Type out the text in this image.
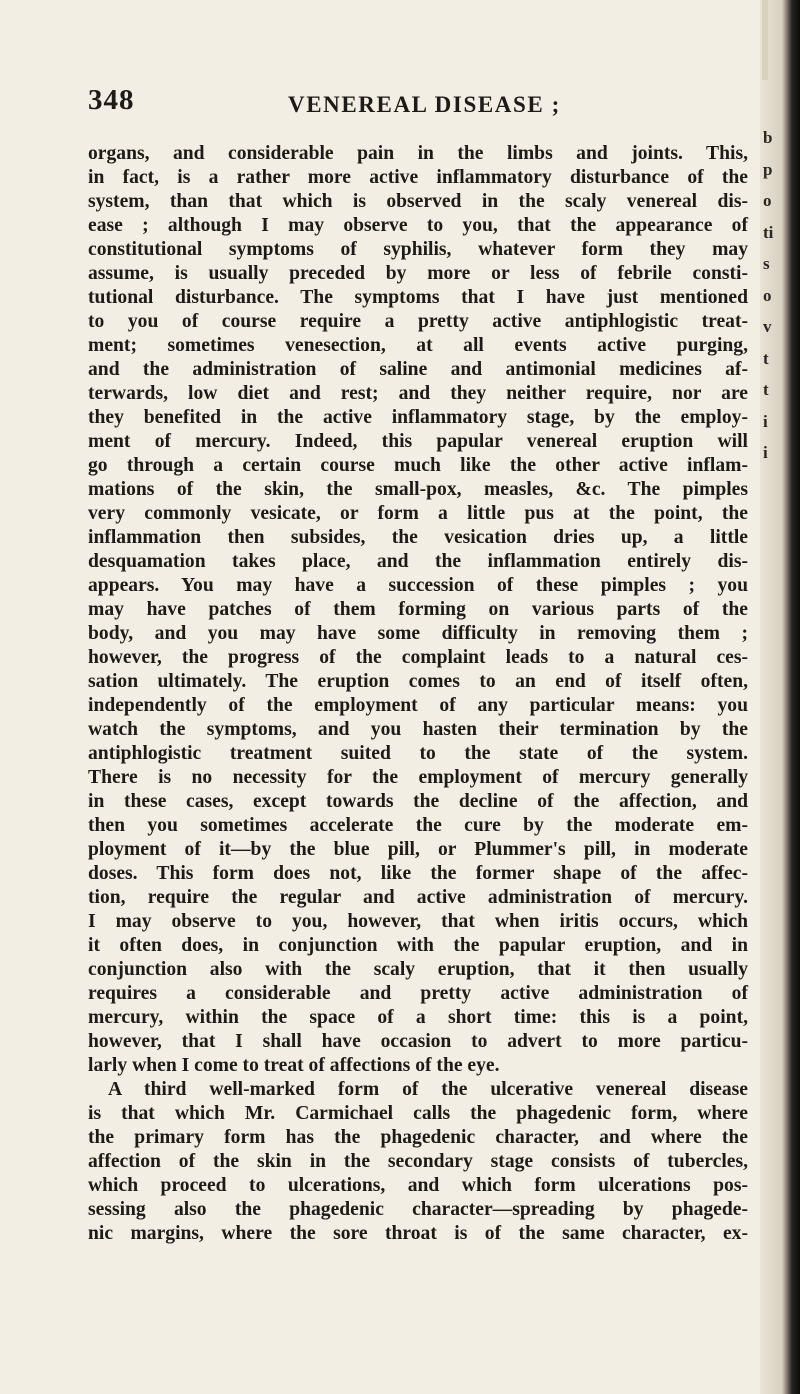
348	VENEREAL DISEASE ;
organs, and considerable pain in the limbs and joints. This,
in fact, is a rather more active inflammatory disturbance of the
system, than that which is observed in the scaly venereal dis-
ease ; although I may observe to you, that the appearance of
constitutional symptoms of syphilis, whatever form they may
assume, is usually preceded by more or less of febrile consti-
tutional disturbance. The symptoms that I have just mentioned
to you of course require a pretty active antiphlogistic treat-
ment; sometimes venesection, at all events active purging,
and the administration of saline and antimonial medicines af-
terwards, low diet and rest; and they neither require, nor are
they benefited in the active inflammatory stage, by the employ-
ment of mercury. Indeed, this papular venereal eruption will
go through a certain course much like the other active inflam-
mations of the skin, the small-pox, measles, &c. The pimples
very commonly vesicate, or form a little pus at the point, the
inflammation then subsides, the vesication dries up, a little
desquamation takes place, and the inflammation entirely dis-
appears. You may have a succession of these pimples ; you
may have patches of them forming on various parts of the
body, and you may have some difficulty in removing them ;
however, the progress of the complaint leads to a natural ces-
sation ultimately. The eruption comes to an end of itself often,
independently of the employment of any particular means: you
watch the symptoms, and you hasten their termination by the
antiphlogistic treatment suited to the state of the system.
There is no necessity for the employment of mercury generally
in these cases, except towards the decline of the affection, and
then you sometimes accelerate the cure by the moderate em-
ployment of it—by the blue pill, or Plummer's pill, in moderate
doses. This form does not, like the former shape of the affec-
tion, require the regular and active administration of mercury.
I may observe to you, however, that when iritis occurs, which
it often does, in conjunction with the papular eruption, and in
conjunction also with the scaly eruption, that it then usually
requires a considerable and pretty active administration of
mercury, within the space of a short time: this is a point,
however, that I shall have occasion to advert to more particu-
larly when I come to treat of affections of the eye.
A third well-marked form of the ulcerative venereal disease
is that which Mr. Carmichael calls the phagedenic form, where
the primary form has the phagedenic character, and where the
affection of the skin in the secondary stage consists of tubercles,
which proceed to ulcerations, and which form ulcerations pos-
sessing also the phagedenic character—spreading by phagede-
nic margins, where the sore throat is of the same character, ex-
b
p
o
ti
s
o
v
t
t
i
i
